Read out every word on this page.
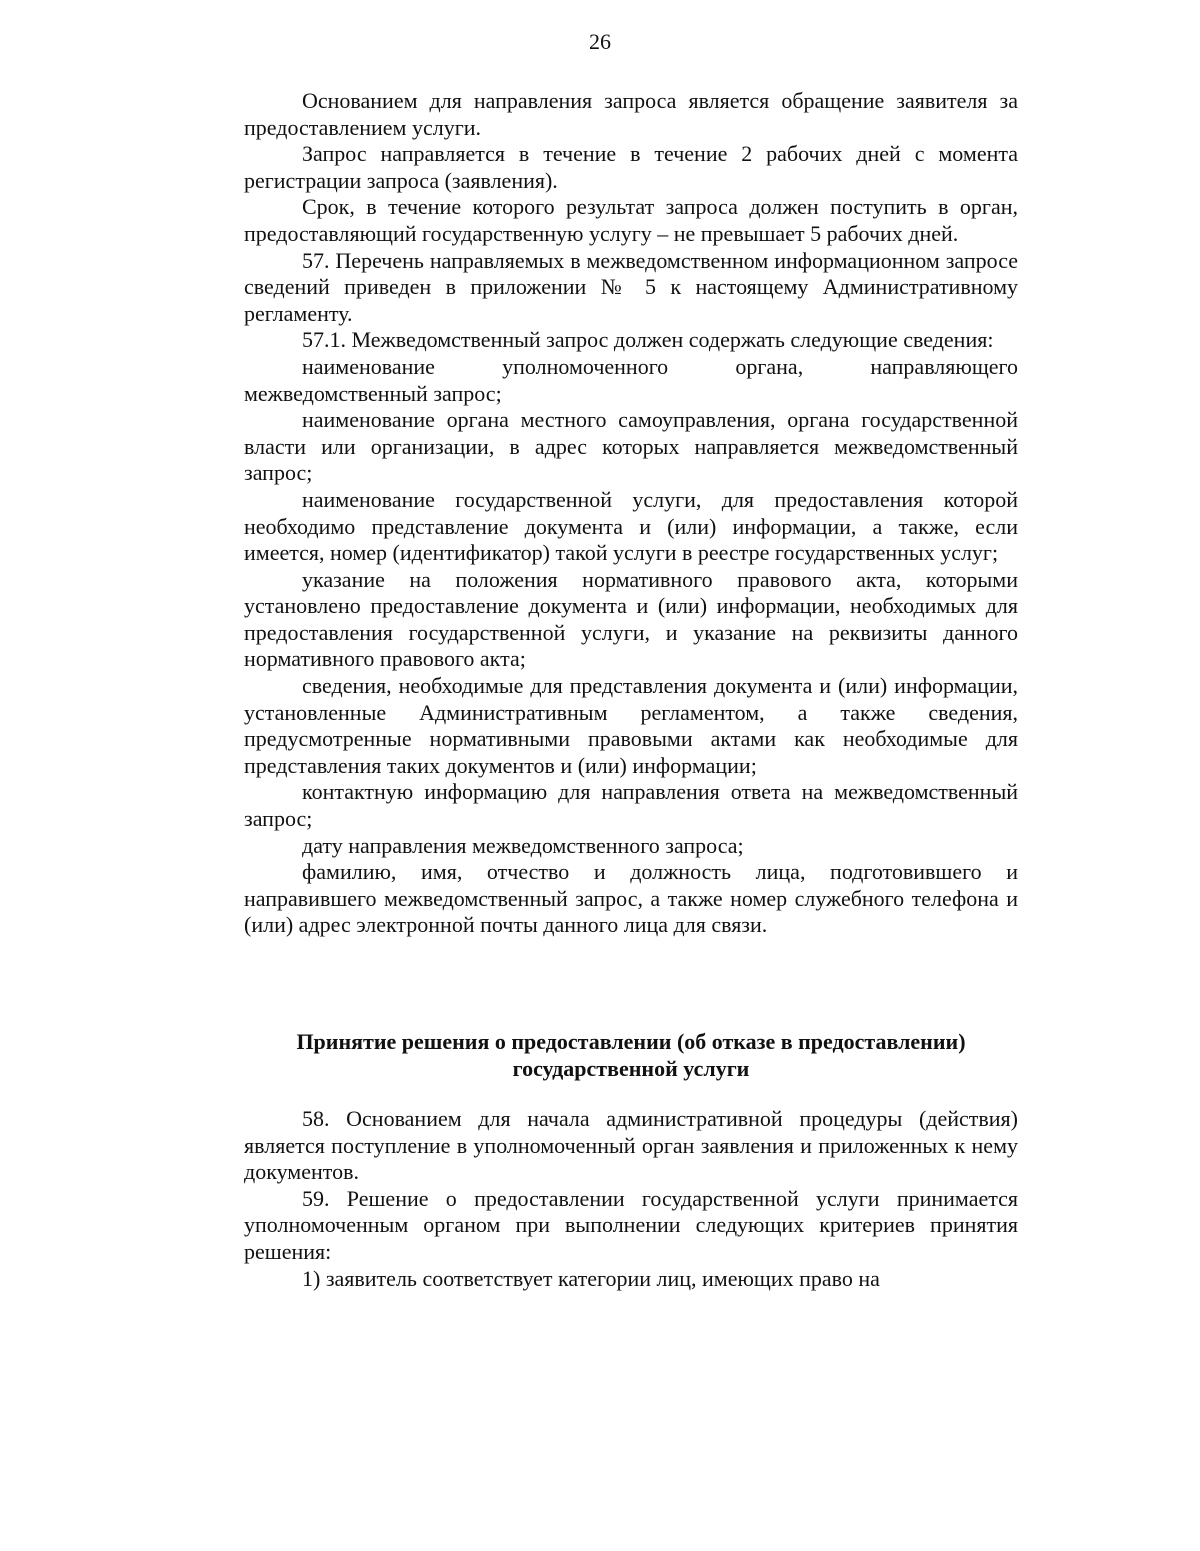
26

Основанием для направления запроса является обращение заявителя за предоставлением услуги.

Запрос направляется в течение в течение 2 рабочих дней с момента регистрации запроса (заявления).

Срок, в течение которого результат запроса должен поступить в орган, предоставляющий государственную услугу – не превышает 5 рабочих дней.

57. Перечень направляемых в межведомственном информационном запросе сведений приведен в приложении № 5 к настоящему Административному регламенту.

57.1. Межведомственный запрос должен содержать следующие сведения:

наименование уполномоченного органа, направляющего межведомственный запрос;

наименование органа местного самоуправления, органа государственной власти или организации, в адрес которых направляется межведомственный запрос;

наименование государственной услуги, для предоставления которой необходимо представление документа и (или) информации, а также, если имеется, номер (идентификатор) такой услуги в реестре государственных услуг;

указание на положения нормативного правового акта, которыми установлено предоставление документа и (или) информации, необходимых для предоставления государственной услуги, и указание на реквизиты данного нормативного правового акта;

сведения, необходимые для представления документа и (или) информации, установленные Административным регламентом, а также сведения, предусмотренные нормативными правовыми актами как необходимые для представления таких документов и (или) информации;

контактную информацию для направления ответа на межведомственный запрос;

дату направления межведомственного запроса;

фамилию, имя, отчество и должность лица, подготовившего и направившего межведомственный запрос, а также номер служебного телефона и (или) адрес электронной почты данного лица для связи.

Принятие решения о предоставлении (об отказе в предоставлении)
государственной услуги

58. Основанием для начала административной процедуры (действия) является поступление в уполномоченный орган заявления и приложенных к нему документов.

59. Решение о предоставлении государственной услуги принимается уполномоченным органом при выполнении следующих критериев принятия решения:

1) заявитель соответствует категории лиц, имеющих право на
